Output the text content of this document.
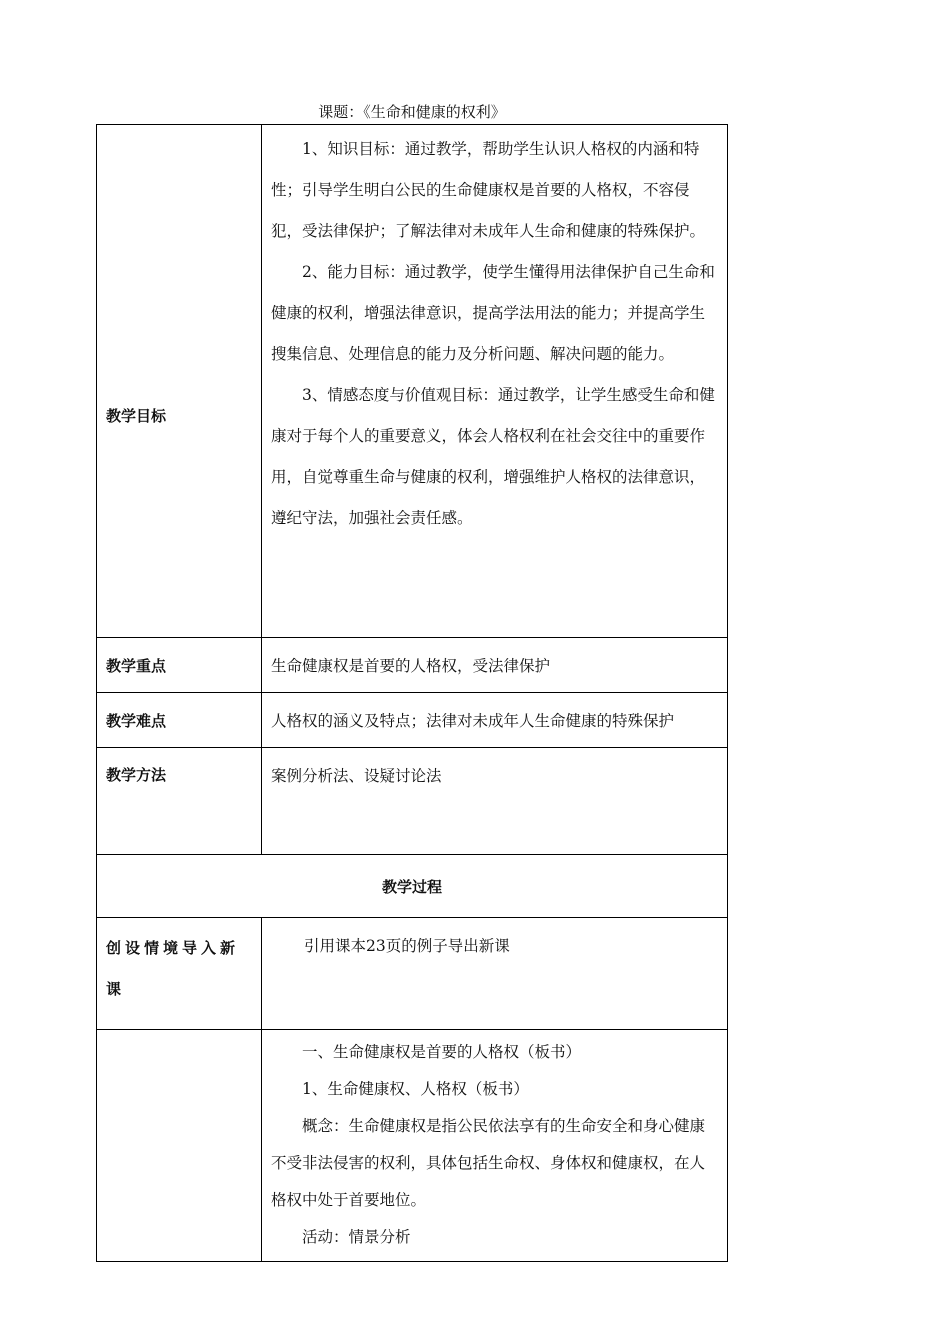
课题：《生命和健康的权利》
教学目标	1、知识目标：通过教学，帮助学生认识人格权的内涵和特性；引导学生明白公民的生命健康权是首要的人格权，不容侵犯，受法律保护；了解法律对未成年人生命和健康的特殊保护。

2、能力目标：通过教学，使学生懂得用法律保护自己生命和健康的权利，增强法律意识，提高学法用法的能力；并提高学生搜集信息、处理信息的能力及分析问题、解决问题的能力。

3、情感态度与价值观目标：通过教学，让学生感受生命和健康对于每个人的重要意义，体会人格权利在社会交往中的重要作用，自觉尊重生命与健康的权利，增强维护人格权的法律意识，遵纪守法，加强社会责任感。

教学重点	生命健康权是首要的人格权，受法律保护
教学难点	人格权的涵义及特点；法律对未成年人生命健康的特殊保护
教学方法	案例分析法、设疑讨论法
教学过程	
创设情境导入新课	引用课本23页的例子导出新课

	一、生命健康权是首要的人格权（板书）

1、生命健康权、人格权（板书）

概念：生命健康权是指公民依法享有的生命安全和身心健康不受非法侵害的权利，具体包括生命权、身体权和健康权，在人格权中处于首要地位。

活动：情景分析
